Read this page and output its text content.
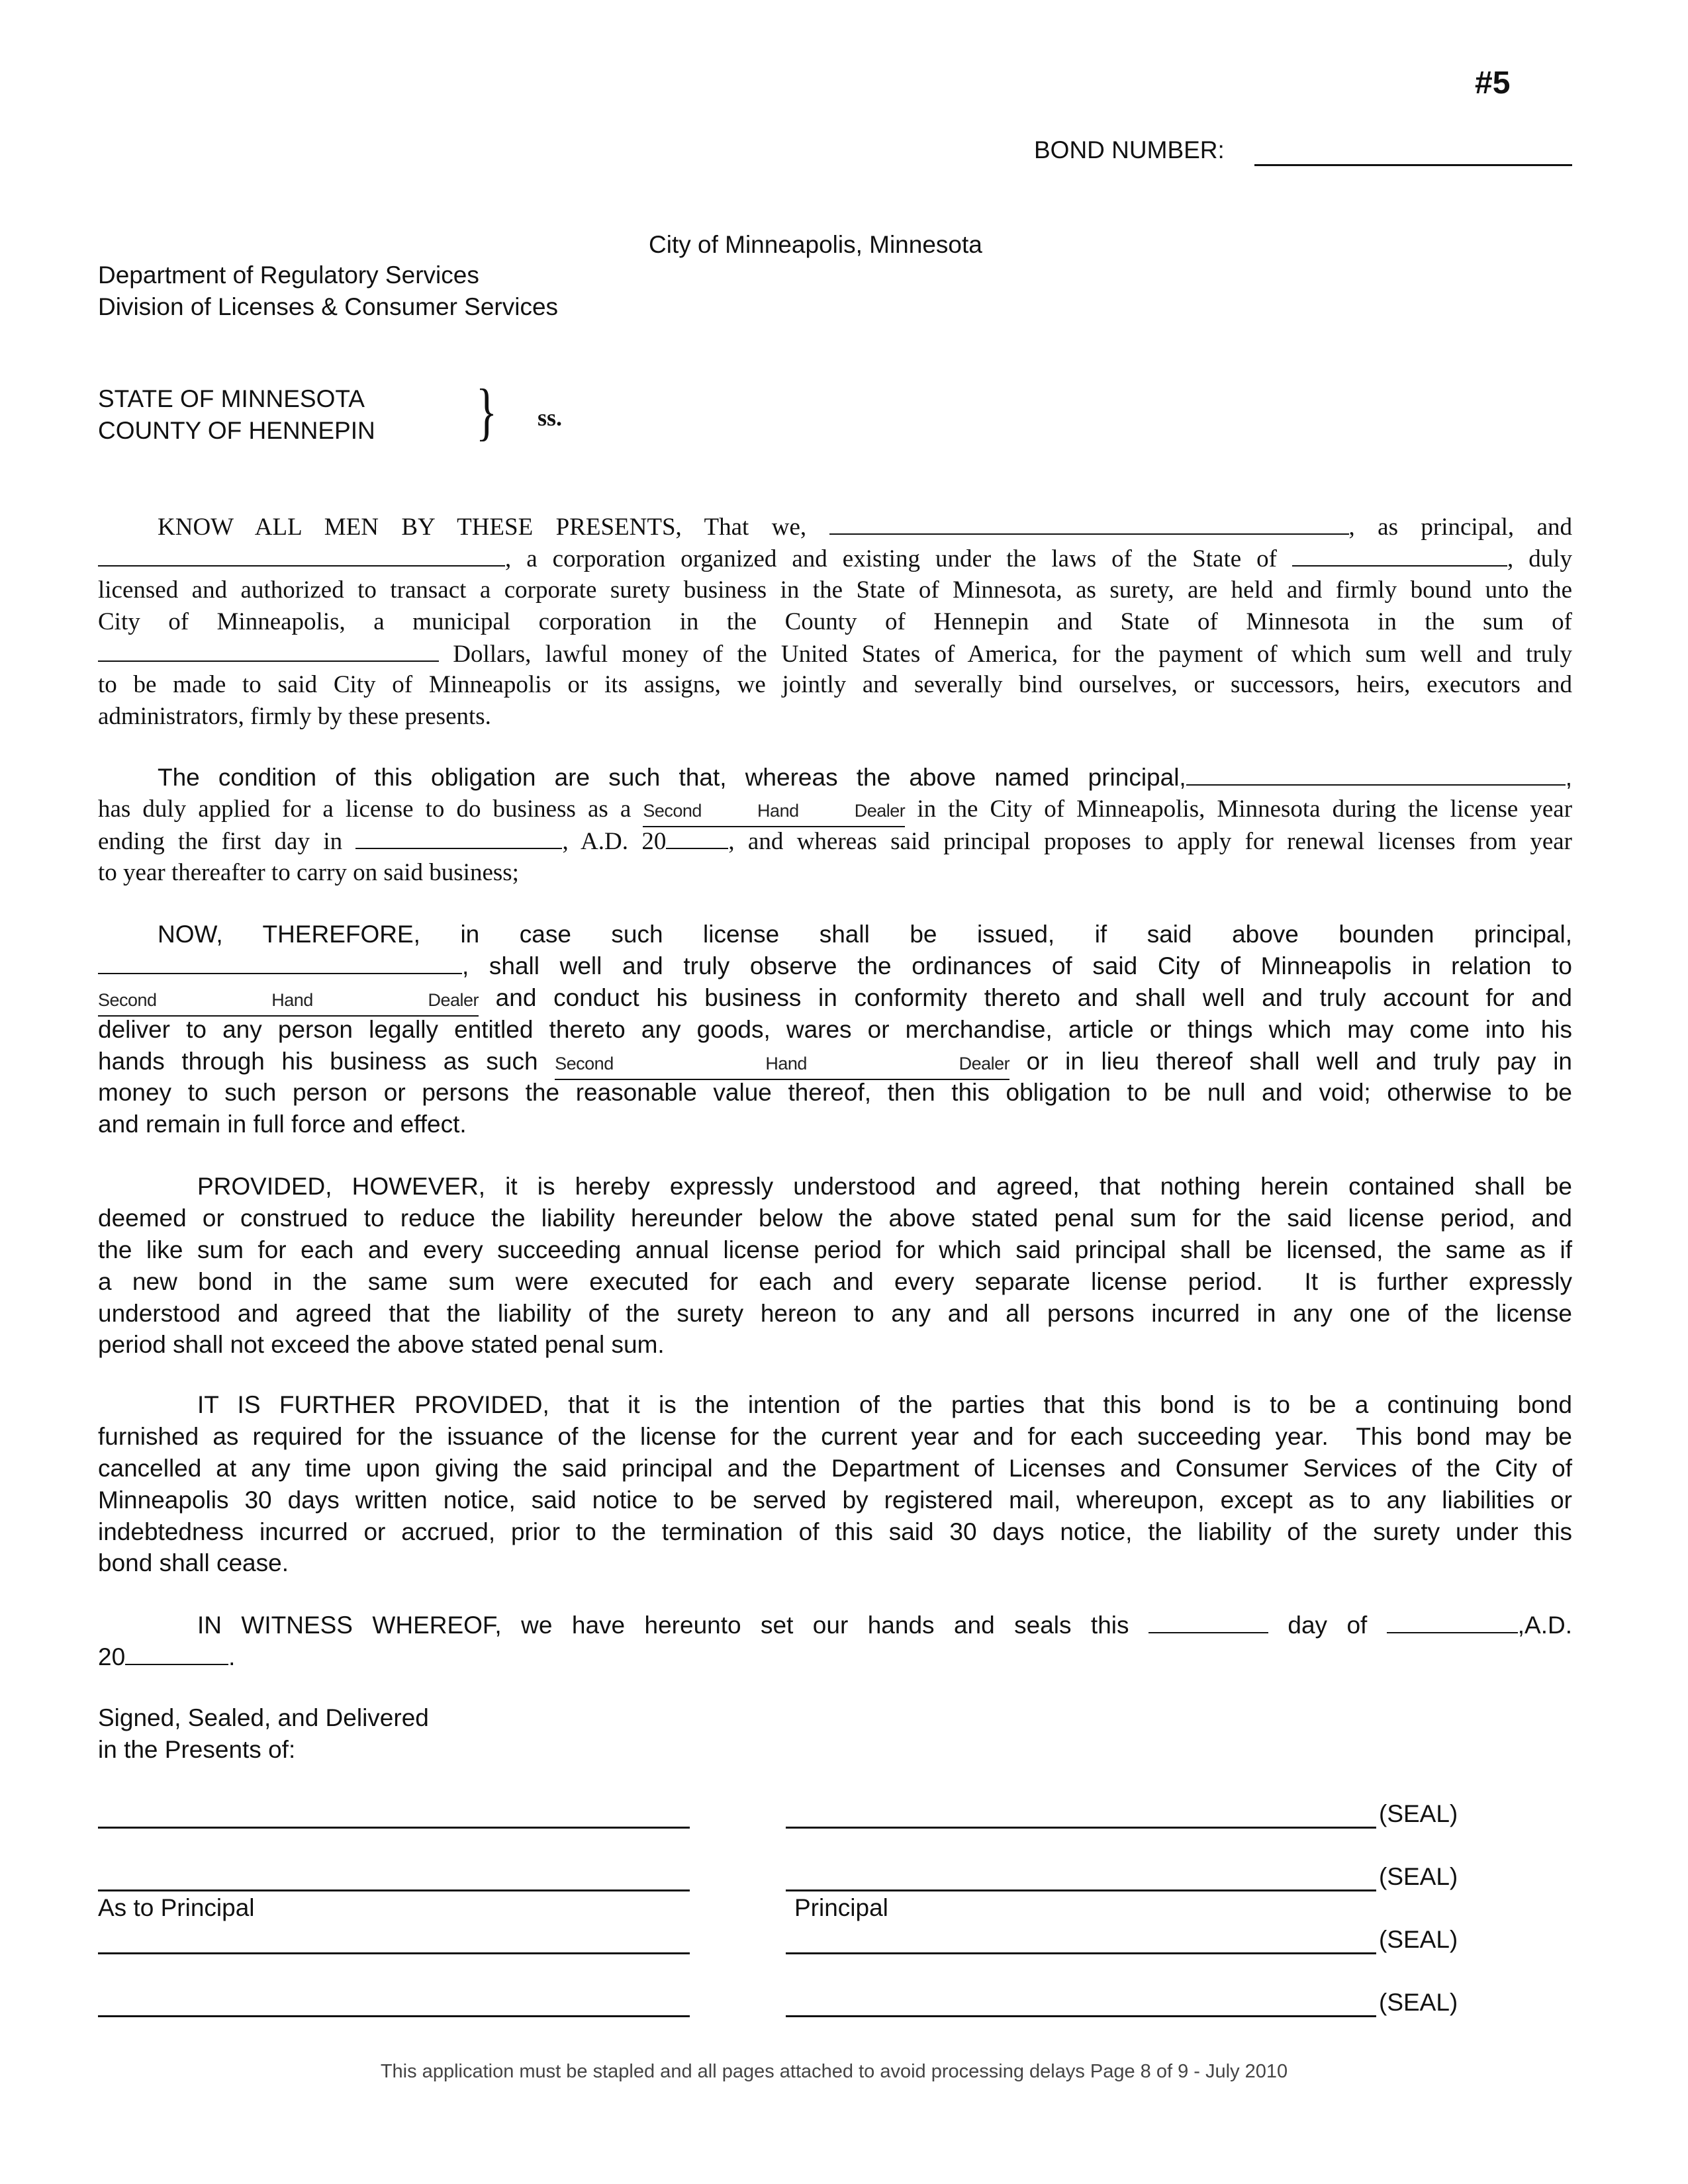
#5
BOND NUMBER:
City of Minneapolis, Minnesota
Department of Regulatory Services
Division of Licenses & Consumer Services
STATE OF MINNESOTA
COUNTY OF HENNEPIN } ss.
KNOW ALL MEN BY THESE PRESENTS, That we,	, as principal, and
, a corporation organized and existing under the laws of the State of	, duly
licensed and authorized to transact a corporate surety business in the State of Minnesota, as surety, are held and firmly bound unto the
City of Minneapolis, a municipal corporation in the County of Hennepin and State of Minnesota in the sum of
Dollars, lawful money of the United States of America, for the payment of which sum well and truly
to be made to said City of Minneapolis or its assigns, we jointly and severally bind ourselves, or successors, heirs, executors and
administrators, firmly by these presents.
The condition of this obligation are such that, whereas the above named principal,	,
has duly applied for a license to do business as a Second Hand Dealer in the City of Minneapolis, Minnesota during the license year
ending the first day in	, A.D. 20	, and whereas said principal proposes to apply for renewal licenses from year
to year thereafter to carry on said business;
NOW, THEREFORE, in case such license shall be issued, if said above bounden principal,
, shall well and truly observe the ordinances of said City of Minneapolis in relation to
Second Hand Dealer and conduct his business in conformity thereto and shall well and truly account for and
deliver to any person legally entitled thereto any goods, wares or merchandise, article or things which may come into his
hands through his business as such Second Hand Dealer or in lieu thereof shall well and truly pay in
money to such person or persons the reasonable value thereof, then this obligation to be null and void; otherwise to be
and remain in full force and effect.
PROVIDED, HOWEVER, it is hereby expressly understood and agreed, that nothing herein contained shall be
deemed or construed to reduce the liability hereunder below the above stated penal sum for the said license period, and
the like sum for each and every succeeding annual license period for which said principal shall be licensed, the same as if
a new bond in the same sum were executed for each and every separate license period.  It is further expressly
understood and agreed that the liability of the surety hereon to any and all persons incurred in any one of the license
period shall not exceed the above stated penal sum.
IT IS FURTHER PROVIDED, that it is the intention of the parties that this bond is to be a continuing bond
furnished as required for the issuance of the license for the current year and for each succeeding year.  This bond may be
cancelled at any time upon giving the said principal and the Department of Licenses and Consumer Services of the City of
Minneapolis 30 days written notice, said notice to be served by registered mail, whereupon, except as to any liabilities or
indebtedness incurred or accrued, prior to the termination of this said 30 days notice, the liability of the surety under this
bond shall cease.
IN WITNESS WHEREOF, we have hereunto set our hands and seals this	day of	,A.D.
20	.
Signed, Sealed, and Delivered
in the Presents of:
As to Principal	Principal
(SEAL)
(SEAL)
(SEAL)
(SEAL)
This application must be stapled and all pages attached to avoid processing delays Page 8 of 9 - July 2010
